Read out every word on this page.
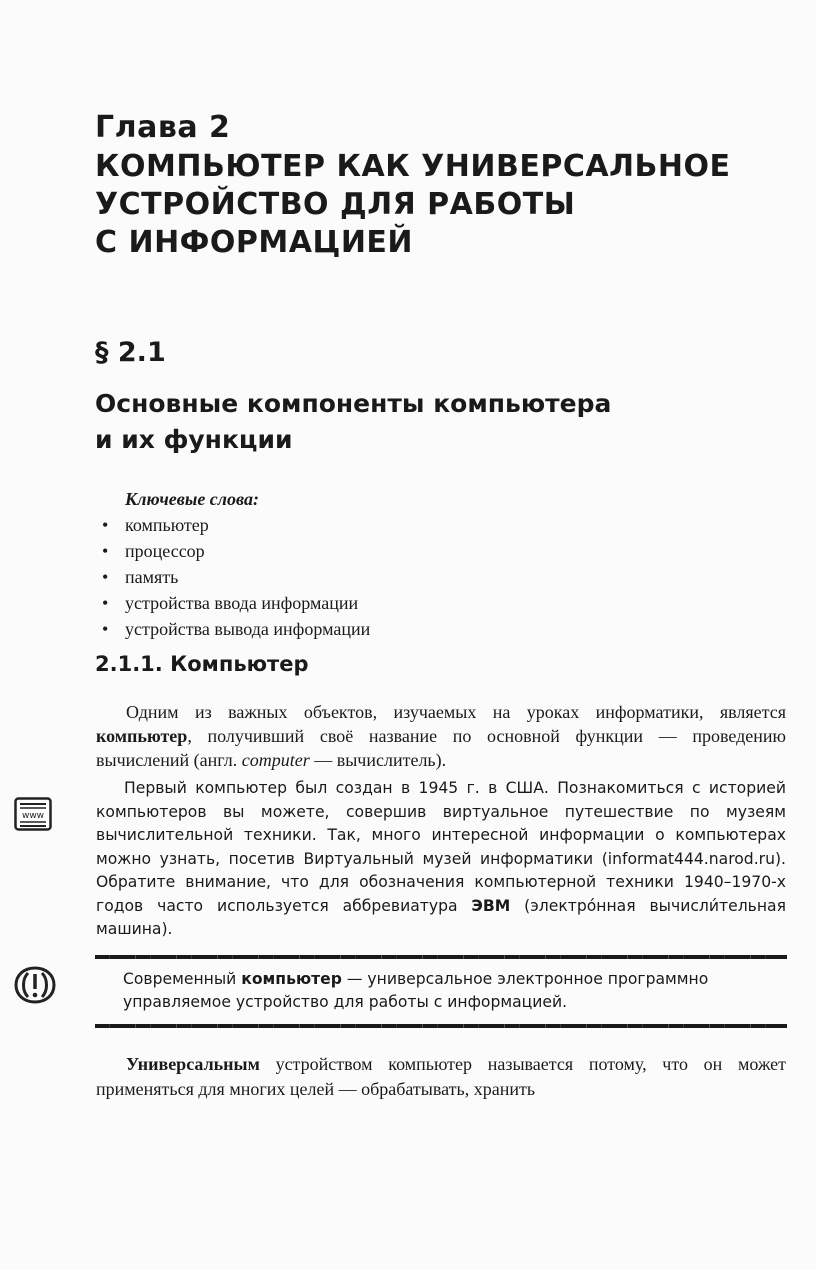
Глава 2
КОМПЬЮТЕР КАК УНИВЕРСАЛЬНОЕ
УСТРОЙСТВО ДЛЯ РАБОТЫ
С ИНФОРМАЦИЕЙ
§ 2.1
Основные компоненты компьютера
и их функции
Ключевые слова:
• компьютер
• процессор
• память
• устройства ввода информации
• устройства вывода информации
2.1.1. Компьютер

Одним из важных объектов, изучаемых на уроках информатики, является компьютер, получивший своё название по основной функции — проведению вычислений (англ. computer — вычислитель).

www

Первый компьютер был создан в 1945 г. в США. Познакомиться с историей компьютеров вы можете, совершив виртуальное путешествие по музеям вычислительной техники. Так, много интересной информации о компьютерах можно узнать, посетив Виртуальный музей информатики (informat444.narod.ru). Обратите внимание, что для обозначения компьютерной техники 1940–1970-х годов часто используется аббревиатура ЭВМ (электро́нная вычисли́тельная машина).

Современный компьютер — универсальное электронное программно управляемое устройство для работы с информацией.

Универсальным устройством компьютер называется потому, что он может применяться для многих целей — обрабатывать, хранить
